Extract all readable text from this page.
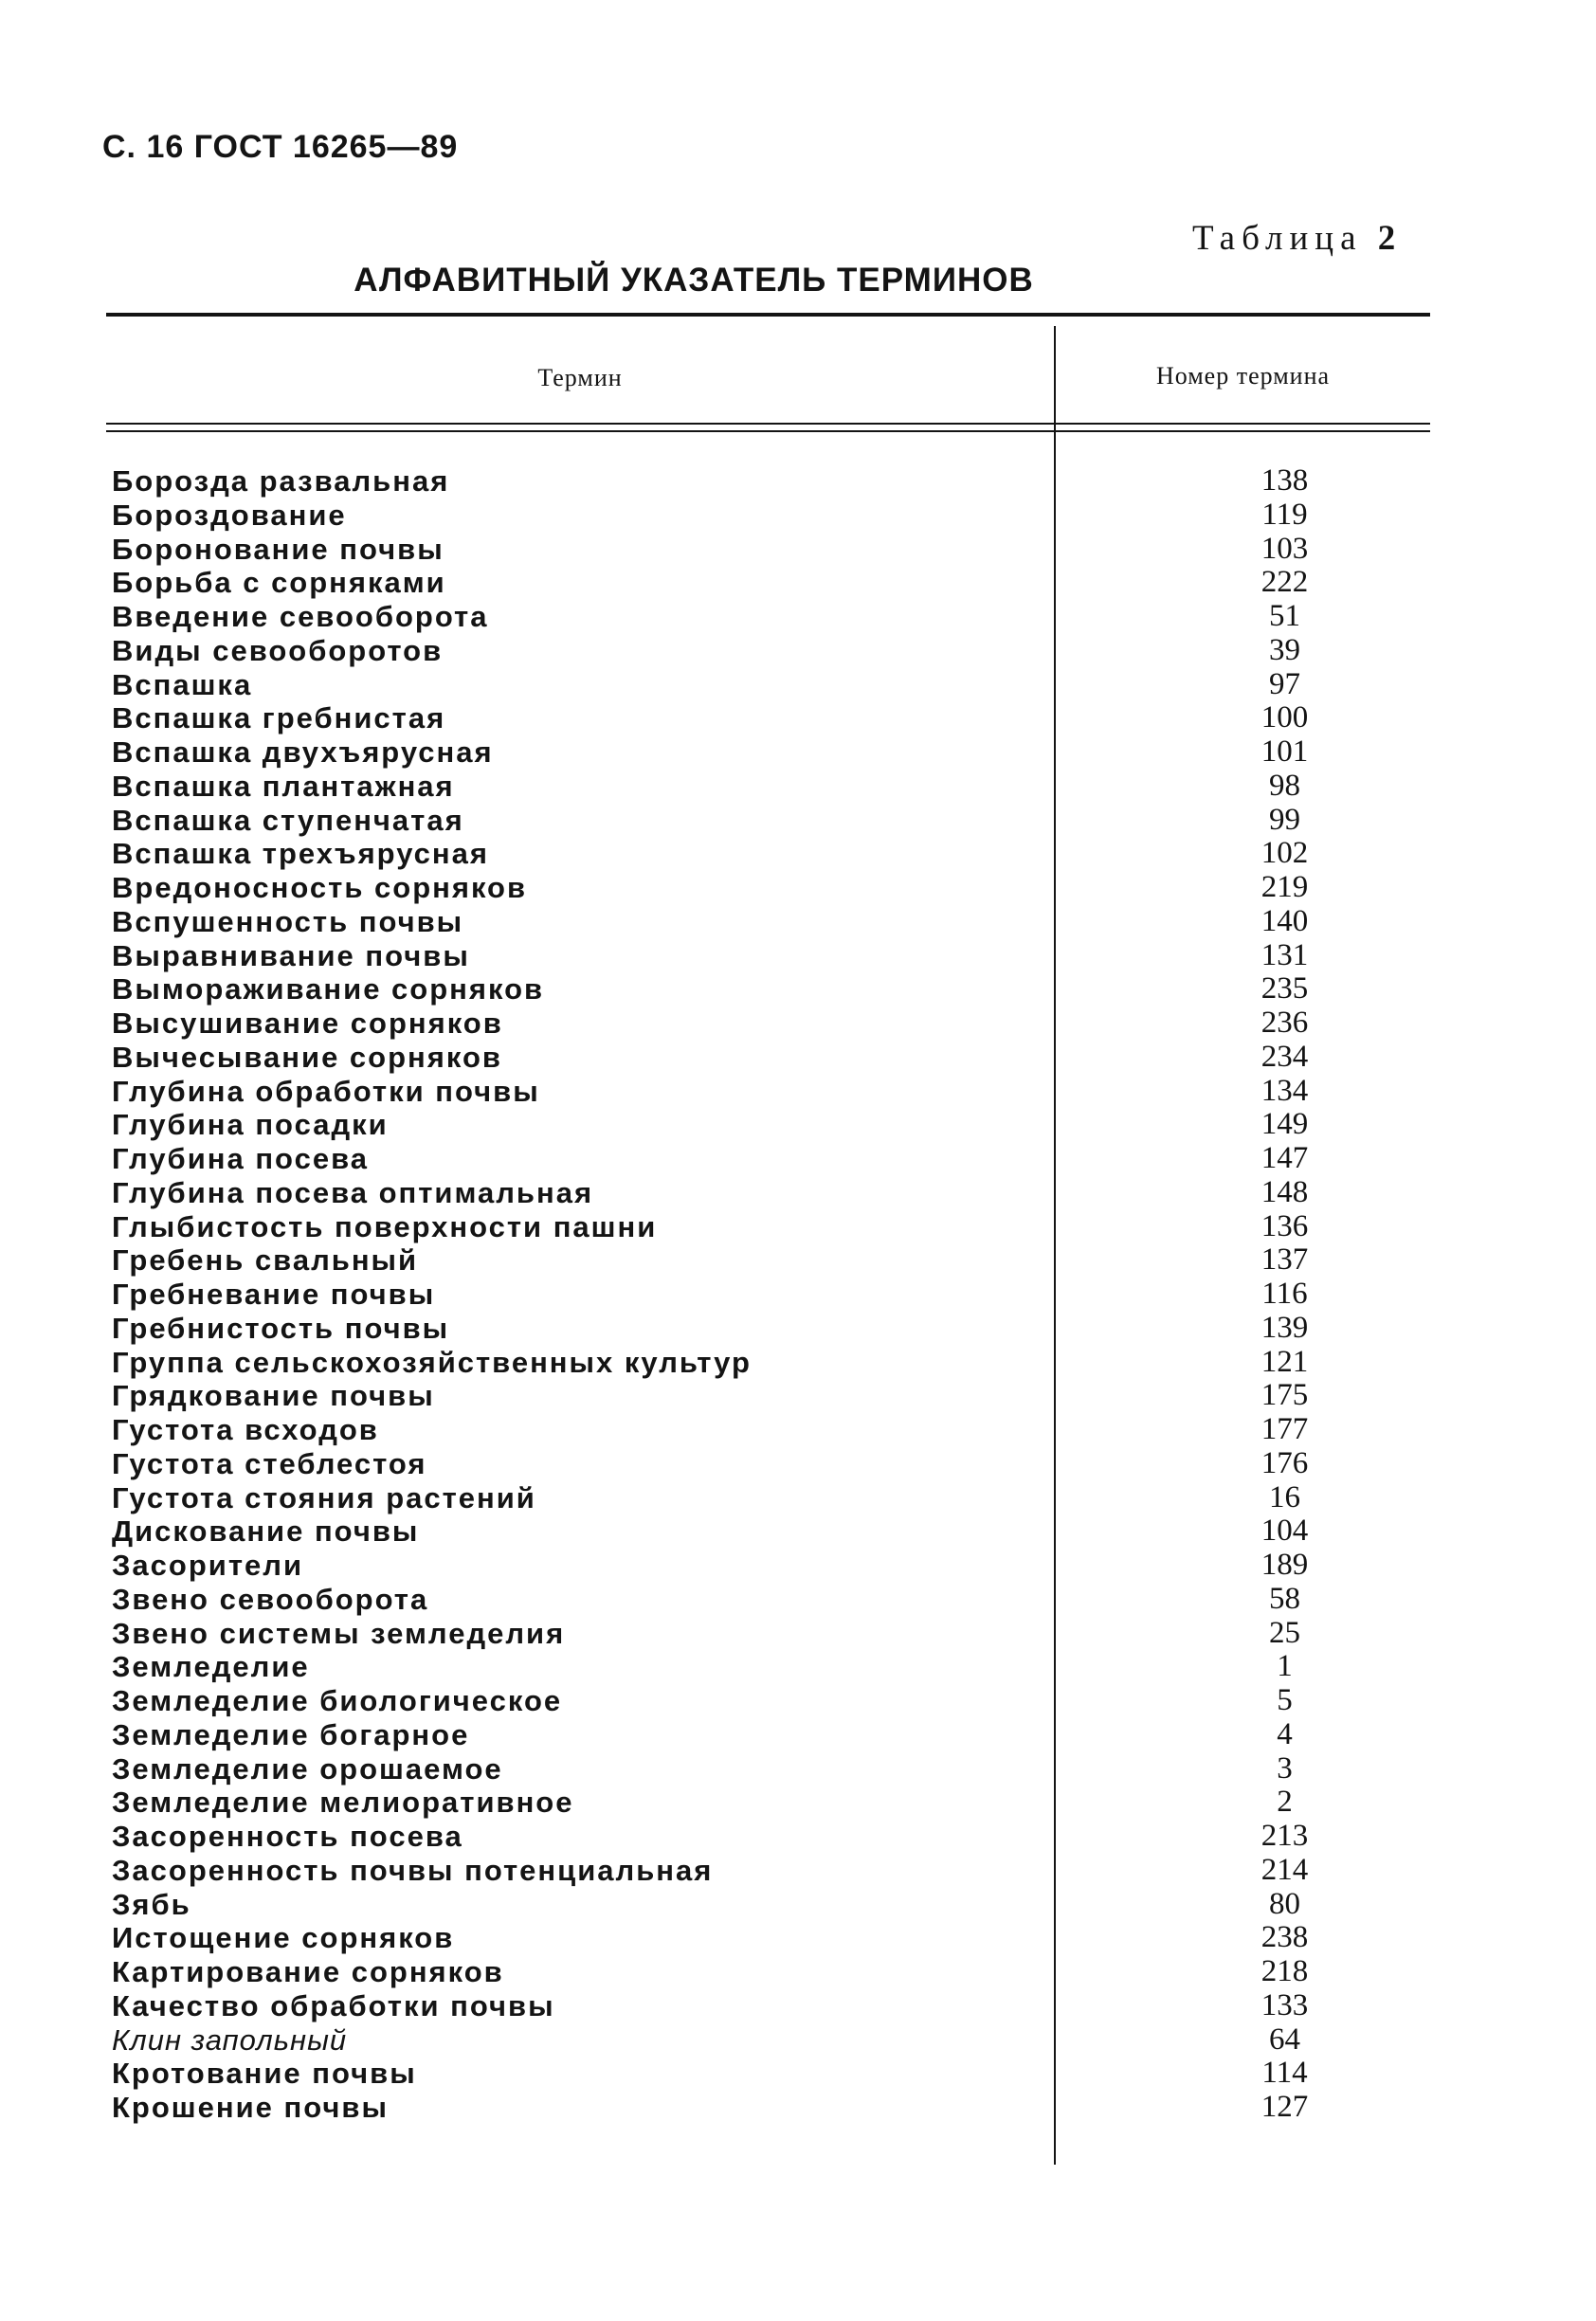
С. 16 ГОСТ 16265—89
Таблица 2
АЛФАВИТНЫЙ УКАЗАТЕЛЬ ТЕРМИНОВ
Термин	Номер термина
Борозда развальная	138
Бороздование	119
Боронование почвы	103
Борьба с сорняками	222
Введение севооборота	51
Виды севооборотов	39
Вспашка	97
Вспашка гребнистая	100
Вспашка двухъярусная	101
Вспашка плантажная	98
Вспашка ступенчатая	99
Вспашка трехъярусная	102
Вредоносность сорняков	219
Вспушенность почвы	140
Выравнивание почвы	131
Вымораживание сорняков	235
Высушивание сорняков	236
Вычесывание сорняков	234
Глубина обработки почвы	134
Глубина посадки	149
Глубина посева	147
Глубина посева оптимальная	148
Глыбистость поверхности пашни	136
Гребень свальный	137
Гребневание почвы	116
Гребнистость почвы	139
Группа сельскохозяйственных культур	121
Грядкование почвы	175
Густота всходов	177
Густота стеблестоя	176
Густота стояния растений	16
Дискование почвы	104
Засорители	189
Звено севооборота	58
Звено системы земледелия	25
Земледелие	1
Земледелие биологическое	5
Земледелие богарное	4
Земледелие орошаемое	3
Земледелие мелиоративное	2
Засоренность посева	213
Засоренность почвы потенциальная	214
Зябь	80
Истощение сорняков	238
Картирование сорняков	218
Качество обработки почвы	133
Клин запольный	64
Кротование почвы	114
Крошение почвы	127
